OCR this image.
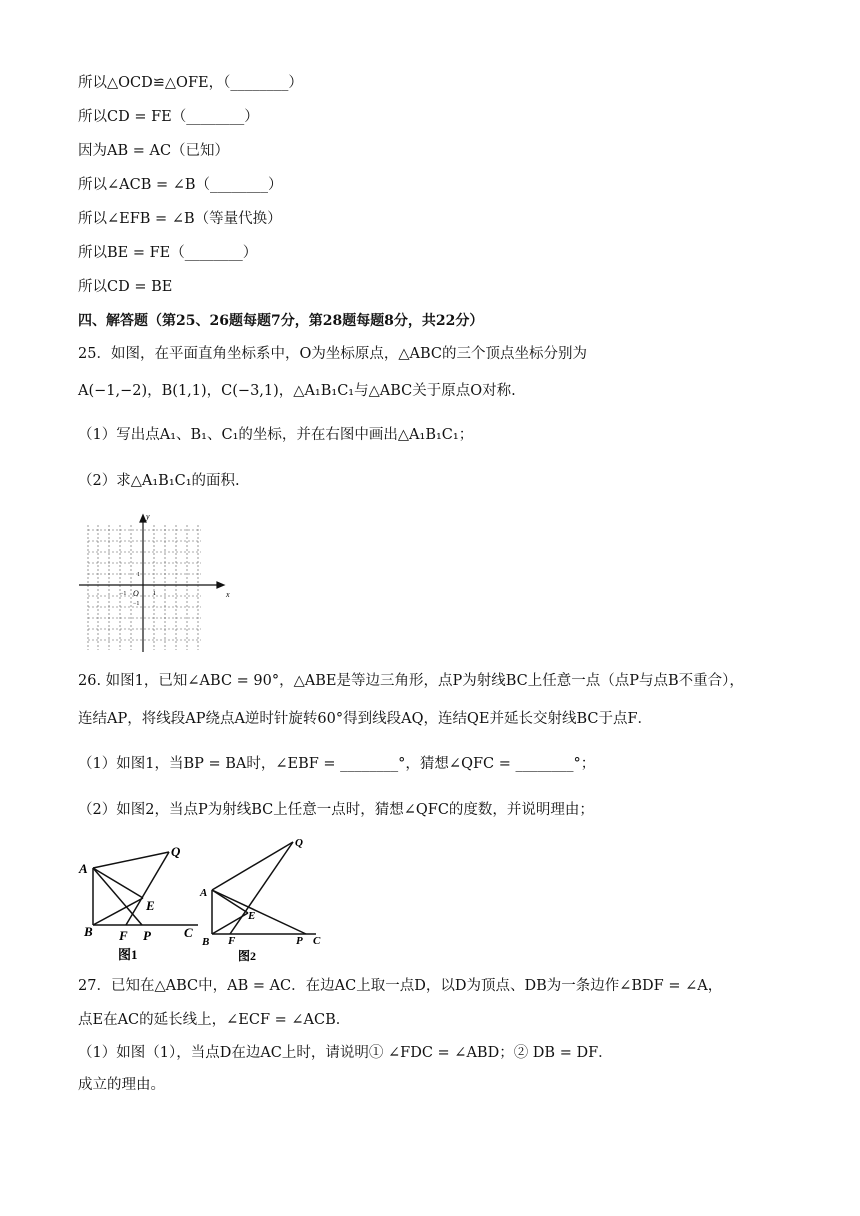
所以△OCD≌△OFE，（________）
所以CD = FE（________）
因为AB = AC（已知）
所以∠ACB = ∠B（________）
所以∠EFB = ∠B（等量代换）
所以BE = FE（________）
所以CD = BE
四、解答题（第25、26题每题7分，第28题每题8分，共22分）
25．如图，在平面直角坐标系中，O为坐标原点，△ABC的三个顶点坐标分别为
A(−1,−2)，B(1,1)，C(−3,1)，△A₁B₁C₁与△ABC关于原点O对称.
（1）写出点A₁、B₁、C₁的坐标，并在右图中画出△A₁B₁C₁；
（2）求△A₁B₁C₁的面积.
x
y
O
−1	1
1
−1
26. 如图1，已知∠ABC = 90°，△ABE是等边三角形，点P为射线BC上任意一点（点P与点B不重合），
连结AP，将线段AP绕点A逆时针旋转60°得到线段AQ，连结QE并延长交射线BC于点F．
（1）如图1，当BP = BA时，∠EBF = ________°，猜想∠QFC = ________°；
（2）如图2，当点P为射线BC上任意一点时，猜想∠QFC的度数，并说明理由；
A
Q
E
B	C
F P
图1
A
Q
E
B	C
F	P
图2
27．已知在△ABC中，AB = AC．在边AC上取一点D，以D为顶点、DB为一条边作∠BDF = ∠A，
点E在AC的延长线上，∠ECF = ∠ACB．
（1）如图（1），当点D在边AC上时，请说明① ∠FDC = ∠ABD；② DB = DF．
成立的理由。
